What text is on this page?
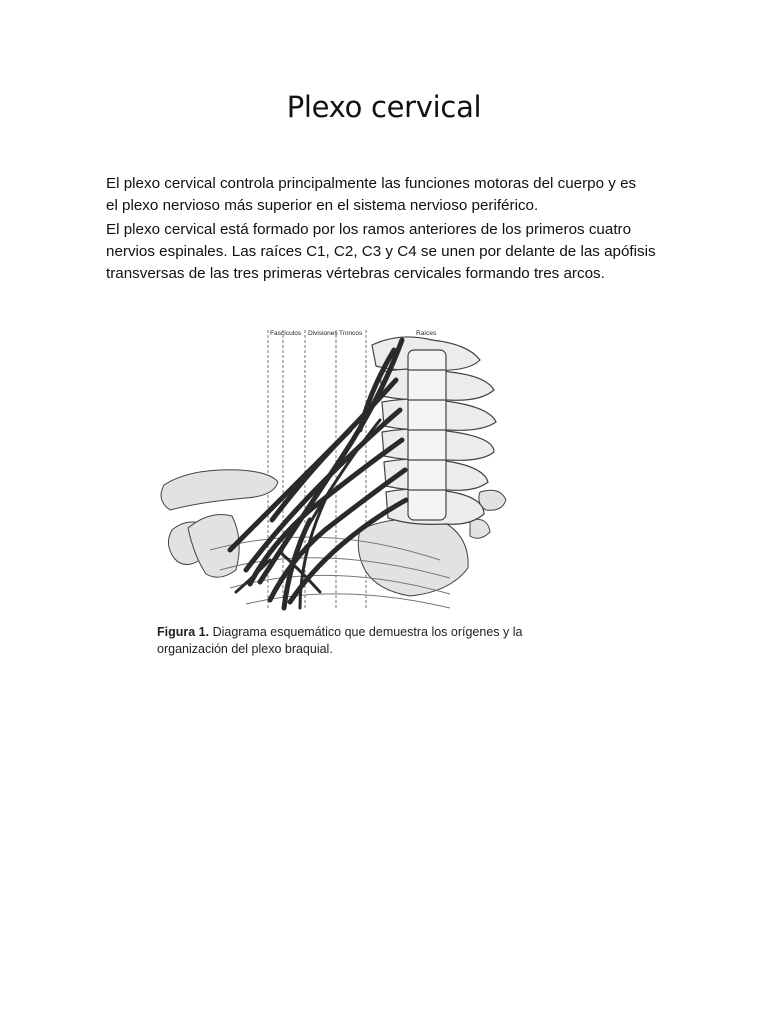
Plexo cervical

El plexo cervical controla principalmente las funciones motoras del cuerpo y es
el plexo nervioso más superior en el sistema nervioso periférico.

El plexo cervical está formado por los ramos anteriores de los primeros cuatro
nervios espinales. Las raíces C1, C2, C3 y C4 se unen por delante de las apófisis
transversas de las tres primeras vértebras cervicales formando tres arcos.

Fascículos Divisiones Troncos	Raíces
Figura 1. Diagrama esquemático que demuestra los orígenes y la
organización del plexo braquial.
